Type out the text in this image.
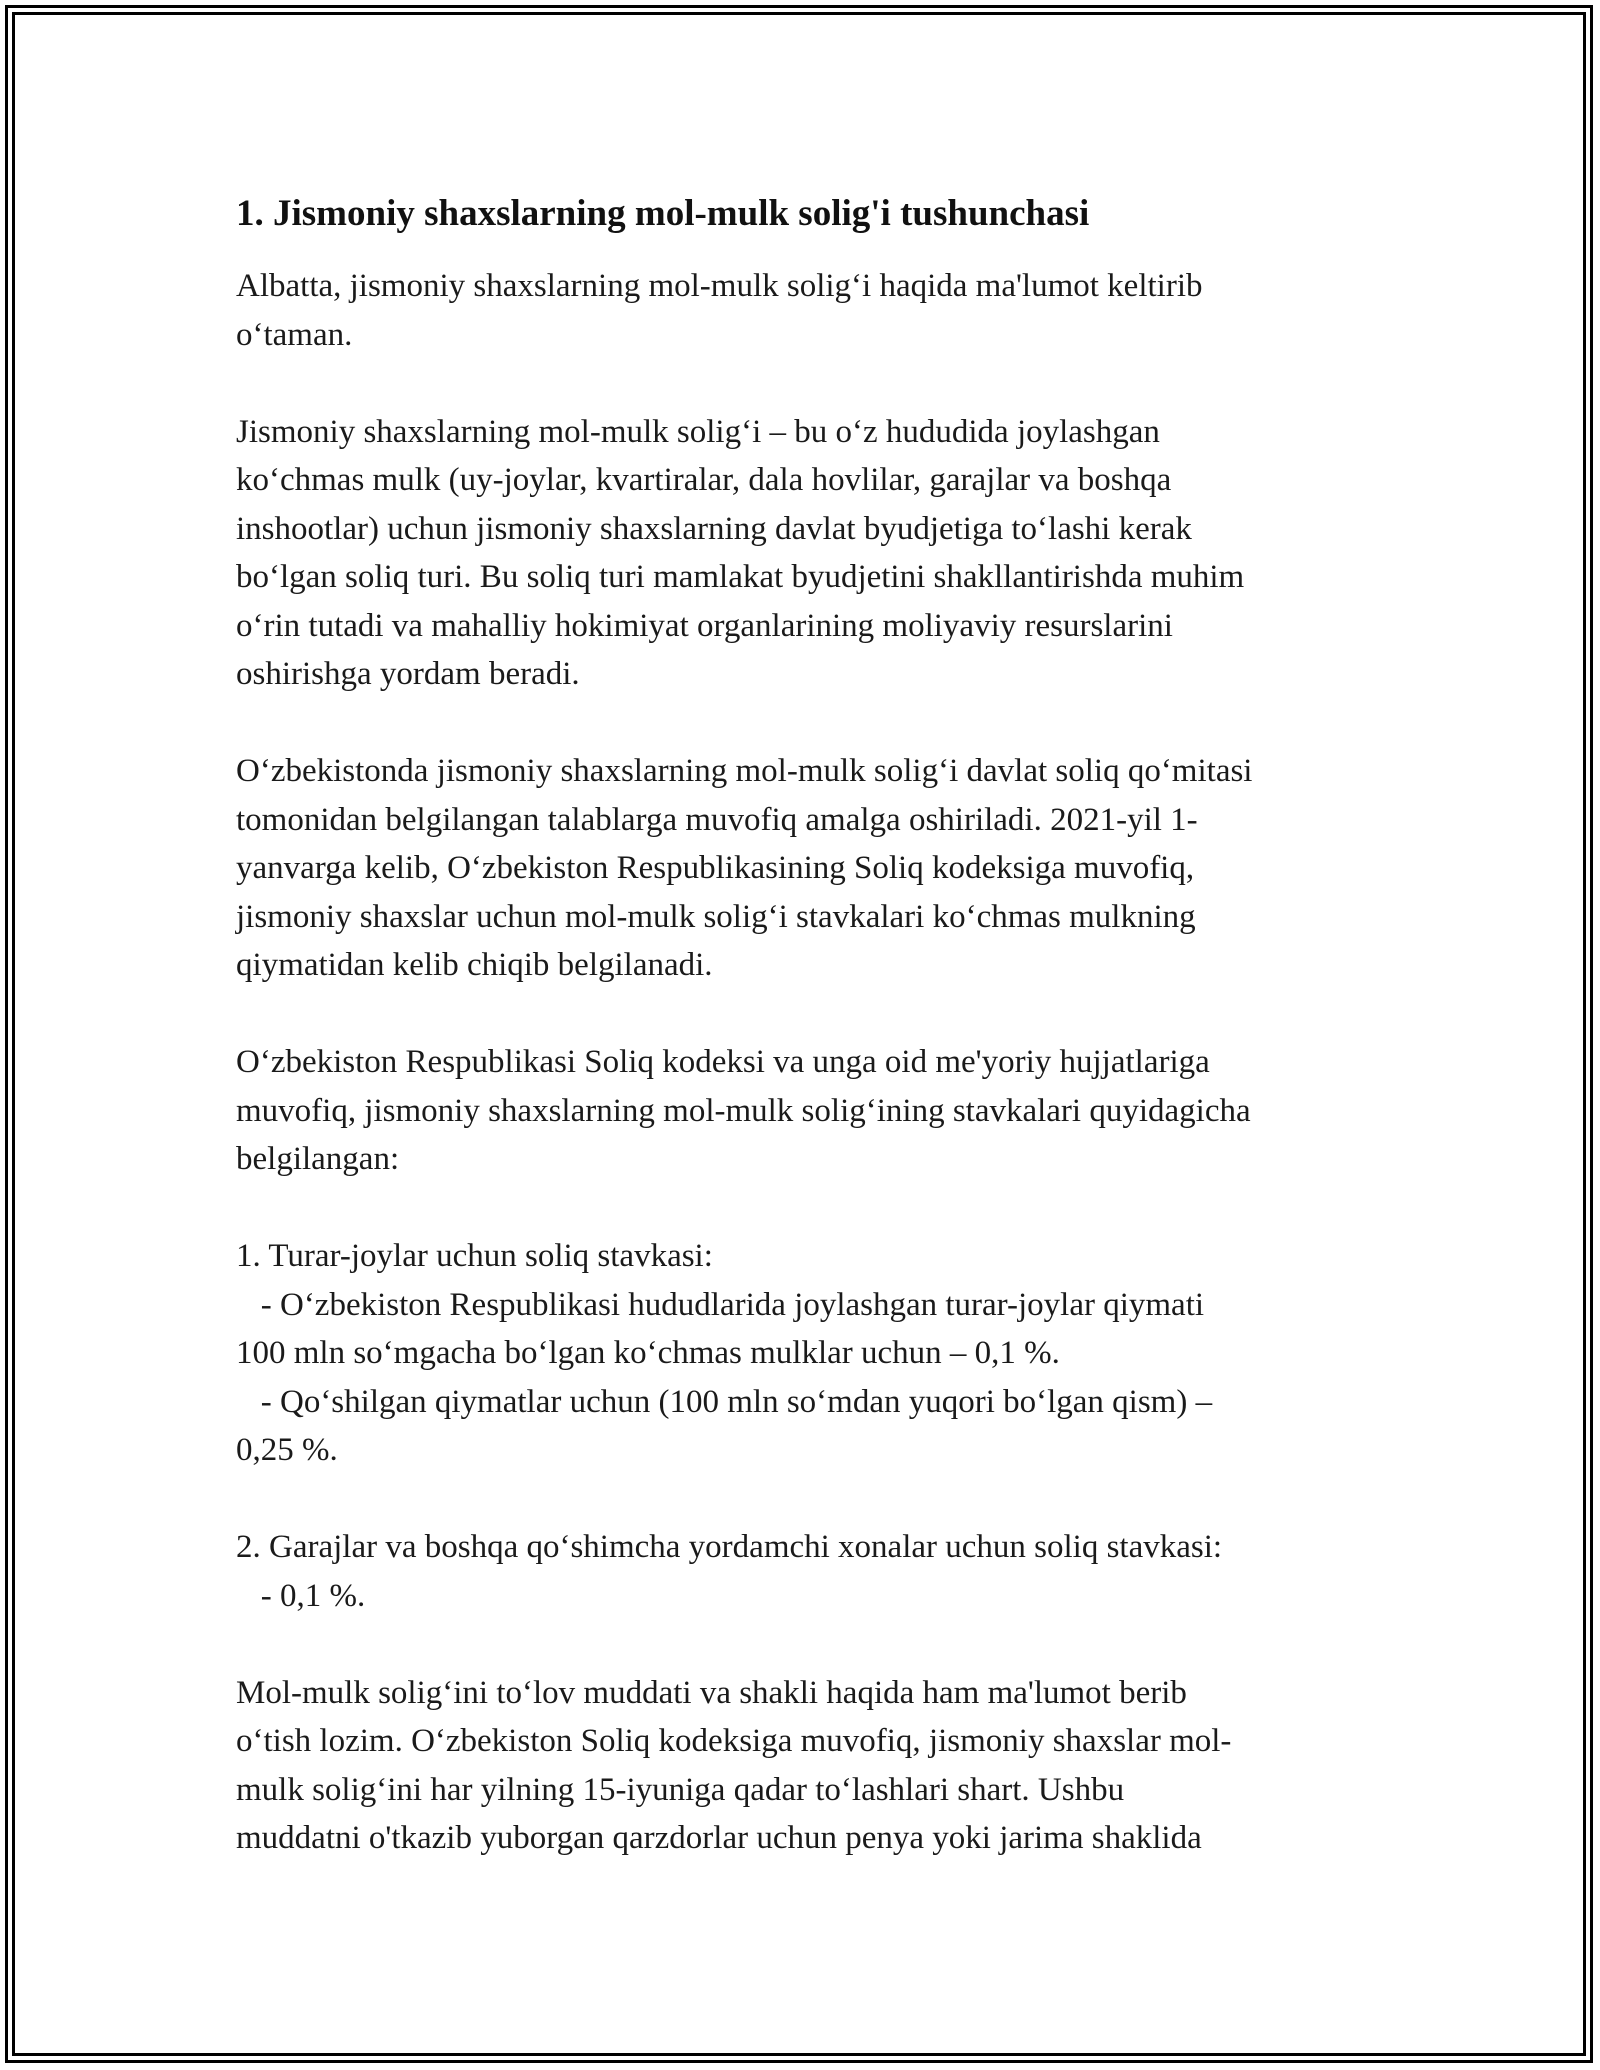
1. Jismoniy shaxslarning mol-mulk solig'i tushunchasi

Albatta, jismoniy shaxslarning mol-mulk solig‘i haqida ma'lumot keltirib
o‘taman.

Jismoniy shaxslarning mol-mulk solig‘i – bu o‘z hududida joylashgan
ko‘chmas mulk (uy-joylar, kvartiralar, dala hovlilar, garajlar va boshqa
inshootlar) uchun jismoniy shaxslarning davlat byudjetiga to‘lashi kerak
bo‘lgan soliq turi. Bu soliq turi mamlakat byudjetini shakllantirishda muhim
o‘rin tutadi va mahalliy hokimiyat organlarining moliyaviy resurslarini
oshirishga yordam beradi.

O‘zbekistonda jismoniy shaxslarning mol-mulk solig‘i davlat soliq qo‘mitasi
tomonidan belgilangan talablarga muvofiq amalga oshiriladi. 2021-yil 1-
yanvarga kelib, O‘zbekiston Respublikasining Soliq kodeksiga muvofiq,
jismoniy shaxslar uchun mol-mulk solig‘i stavkalari ko‘chmas mulkning
qiymatidan kelib chiqib belgilanadi.

O‘zbekiston Respublikasi Soliq kodeksi va unga oid me'yoriy hujjatlariga
muvofiq, jismoniy shaxslarning mol-mulk solig‘ining stavkalari quyidagicha
belgilangan:

1. Turar-joylar uchun soliq stavkasi:
- O‘zbekiston Respublikasi hududlarida joylashgan turar-joylar qiymati
100 mln so‘mgacha bo‘lgan ko‘chmas mulklar uchun – 0,1 %.
- Qo‘shilgan qiymatlar uchun (100 mln so‘mdan yuqori bo‘lgan qism) –
0,25 %.

2. Garajlar va boshqa qo‘shimcha yordamchi xonalar uchun soliq stavkasi:
- 0,1 %.

Mol-mulk solig‘ini to‘lov muddati va shakli haqida ham ma'lumot berib
o‘tish lozim. O‘zbekiston Soliq kodeksiga muvofiq, jismoniy shaxslar mol-
mulk solig‘ini har yilning 15-iyuniga qadar to‘lashlari shart. Ushbu
muddatni o'tkazib yuborgan qarzdorlar uchun penya yoki jarima shaklida
